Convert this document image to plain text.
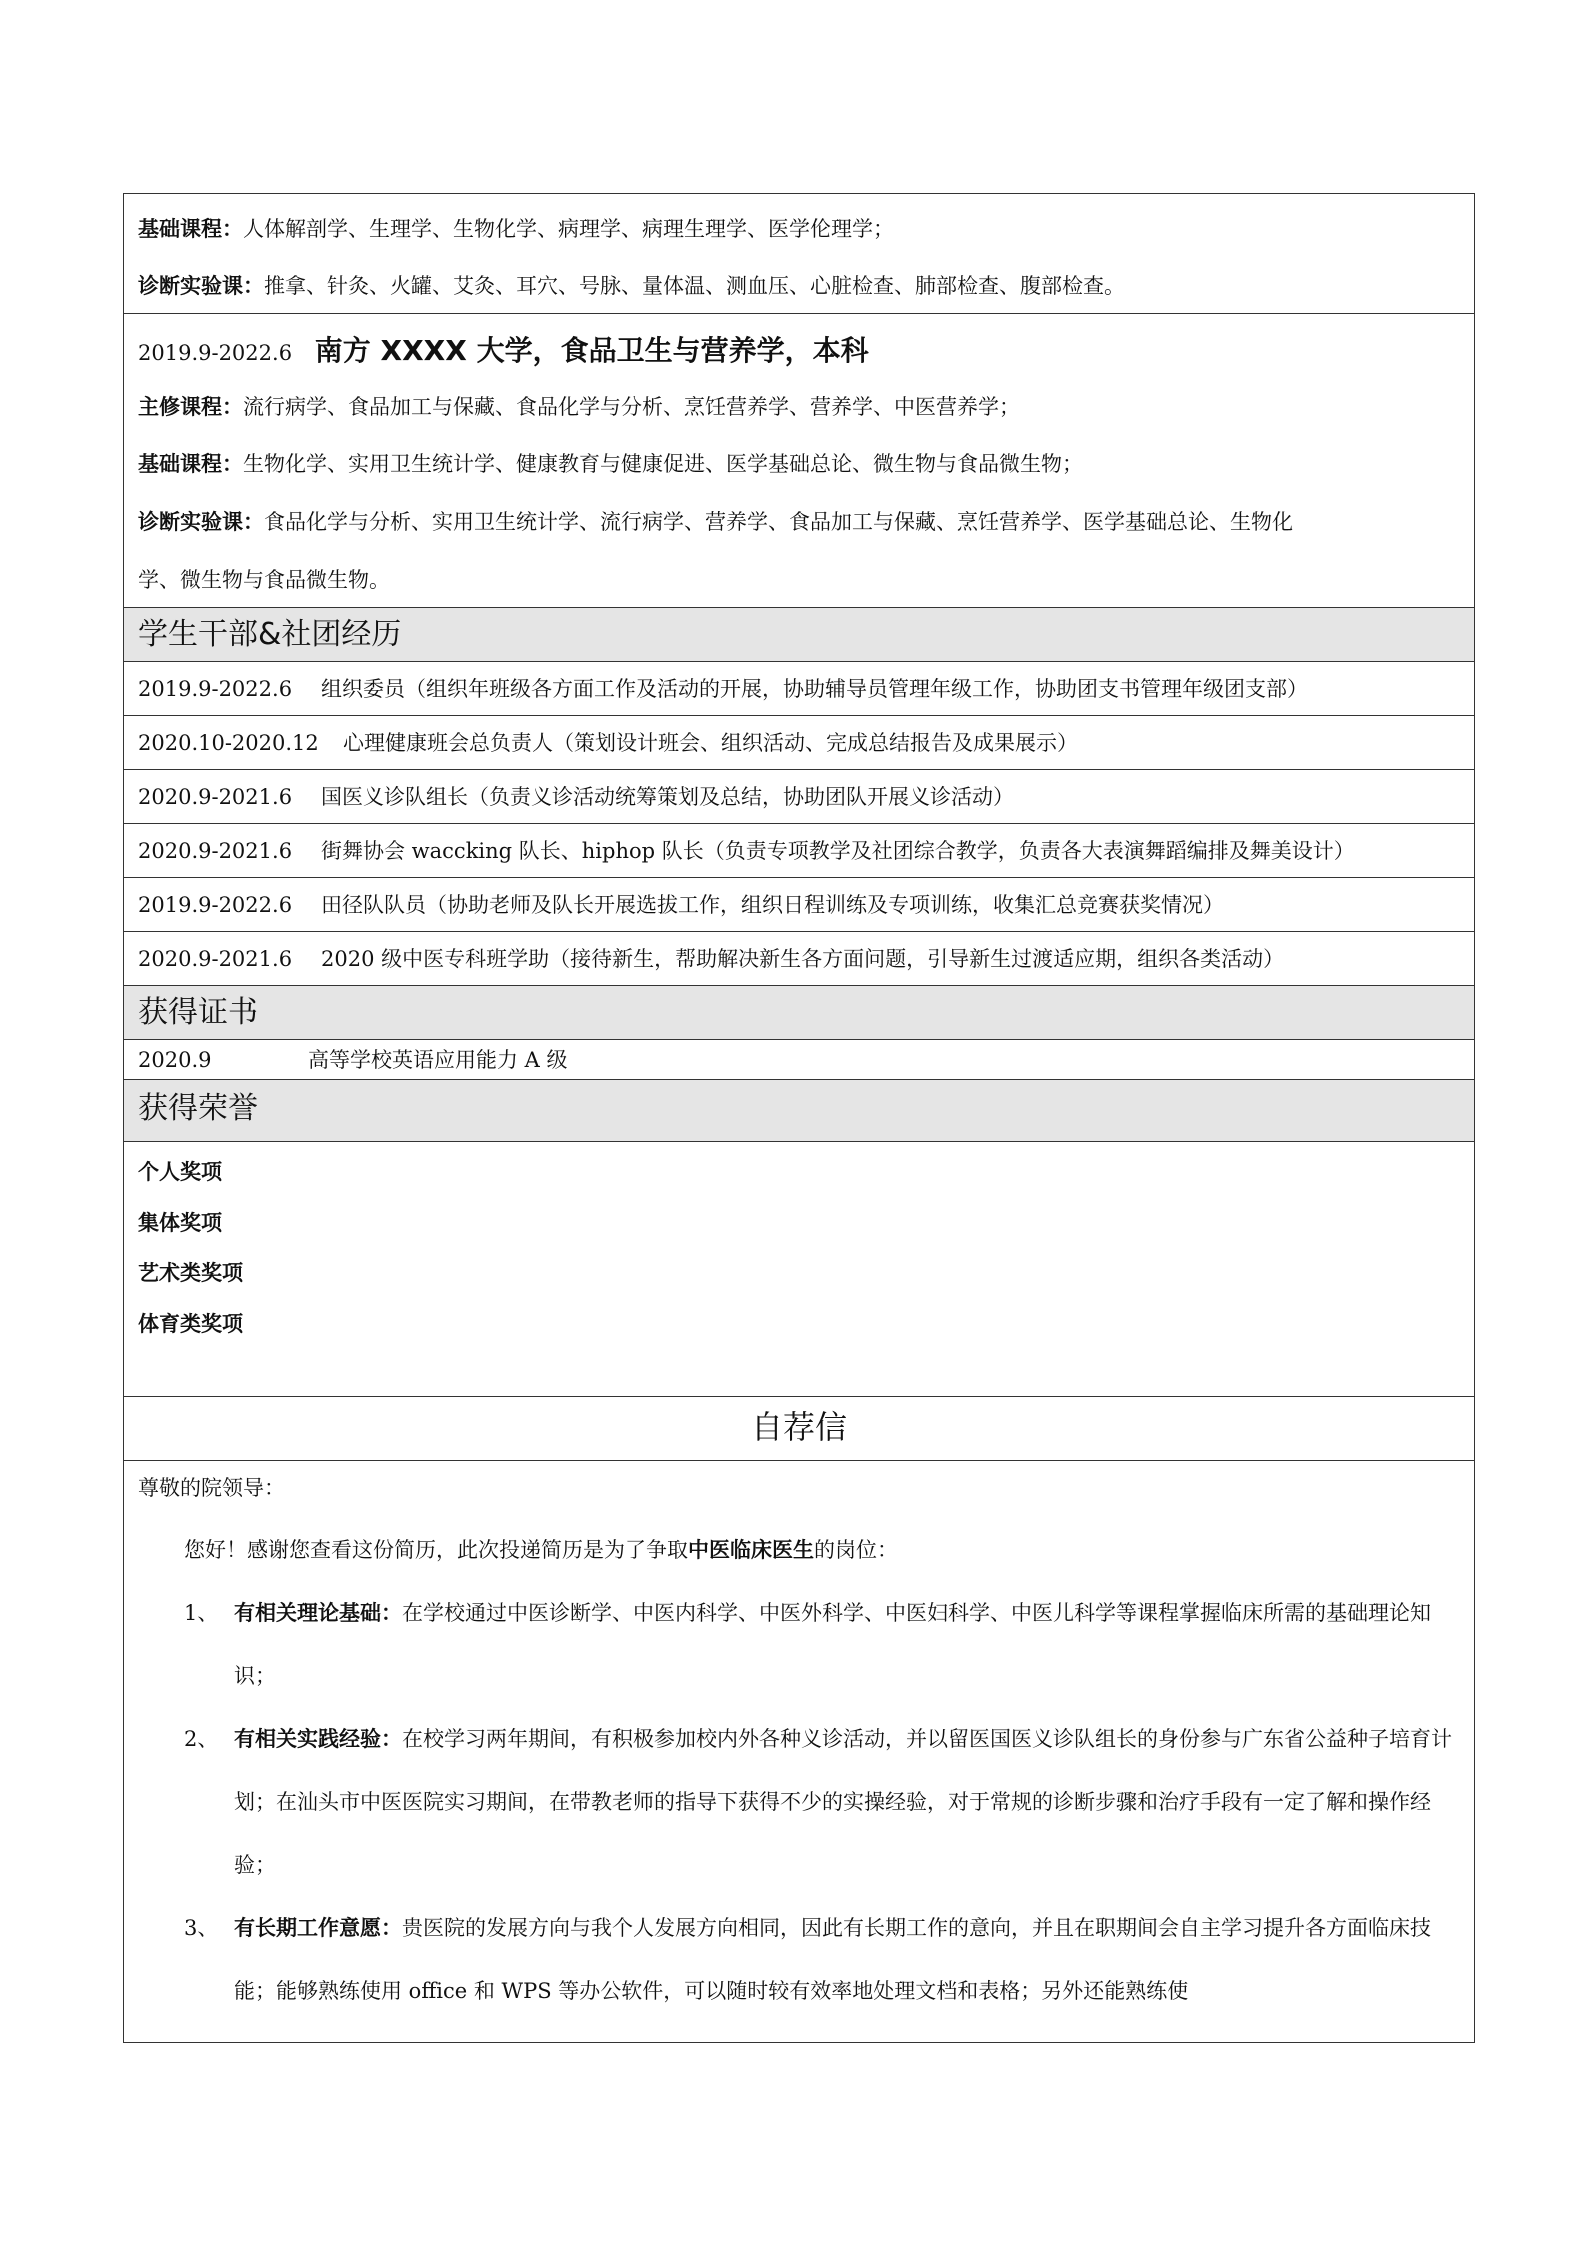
基础课程：人体解剖学、生理学、生物化学、病理学、病理生理学、医学伦理学；
诊断实验课：推拿、针灸、火罐、艾灸、耳穴、号脉、量体温、测血压、心脏检查、肺部检查、腹部检查。
2019.9-2022.6 南方 XXXX 大学，食品卫生与营养学，本科
主修课程：流行病学、食品加工与保藏、食品化学与分析、烹饪营养学、营养学、中医营养学；
基础课程：生物化学、实用卫生统计学、健康教育与健康促进、医学基础总论、微生物与食品微生物；
诊断实验课：食品化学与分析、实用卫生统计学、流行病学、营养学、食品加工与保藏、烹饪营养学、医学基础总论、生物化
学、微生物与食品微生物。
学生干部&社团经历
2019.9-2022.6 组织委员（组织年班级各方面工作及活动的开展，协助辅导员管理年级工作，协助团支书管理年级团支部）
2020.10-2020.12 心理健康班会总负责人（策划设计班会、组织活动、完成总结报告及成果展示）
2020.9-2021.6 国医义诊队组长（负责义诊活动统筹策划及总结，协助团队开展义诊活动）
2020.9-2021.6 街舞协会 waccking 队长、hiphop 队长（负责专项教学及社团综合教学，负责各大表演舞蹈编排及舞美设计）
2019.9-2022.6 田径队队员（协助老师及队长开展选拔工作，组织日程训练及专项训练，收集汇总竞赛获奖情况）
2020.9-2021.6 2020 级中医专科班学助（接待新生，帮助解决新生各方面问题，引导新生过渡适应期，组织各类活动）
获得证书
2020.9	高等学校英语应用能力 A 级
获得荣誉
个人奖项
集体奖项
艺术类奖项
体育类奖项
自荐信
尊敬的院领导：
您好！感谢您查看这份简历，此次投递简历是为了争取中医临床医生的岗位：
1、 有相关理论基础：在学校通过中医诊断学、中医内科学、中医外科学、中医妇科学、中医儿科学等课程掌握临床所需的基础理论知识；
2、 有相关实践经验：在校学习两年期间，有积极参加校内外各种义诊活动，并以留医国医义诊队组长的身份参与广东省公益种子培育计划；在汕头市中医医院实习期间，在带教老师的指导下获得不少的实操经验，对于常规的诊断步骤和治疗手段有一定了解和操作经验；
3、 有长期工作意愿：贵医院的发展方向与我个人发展方向相同，因此有长期工作的意向，并且在职期间会自主学习提升各方面临床技能；能够熟练使用 office 和 WPS 等办公软件，可以随时较有效率地处理文档和表格；另外还能熟练使
